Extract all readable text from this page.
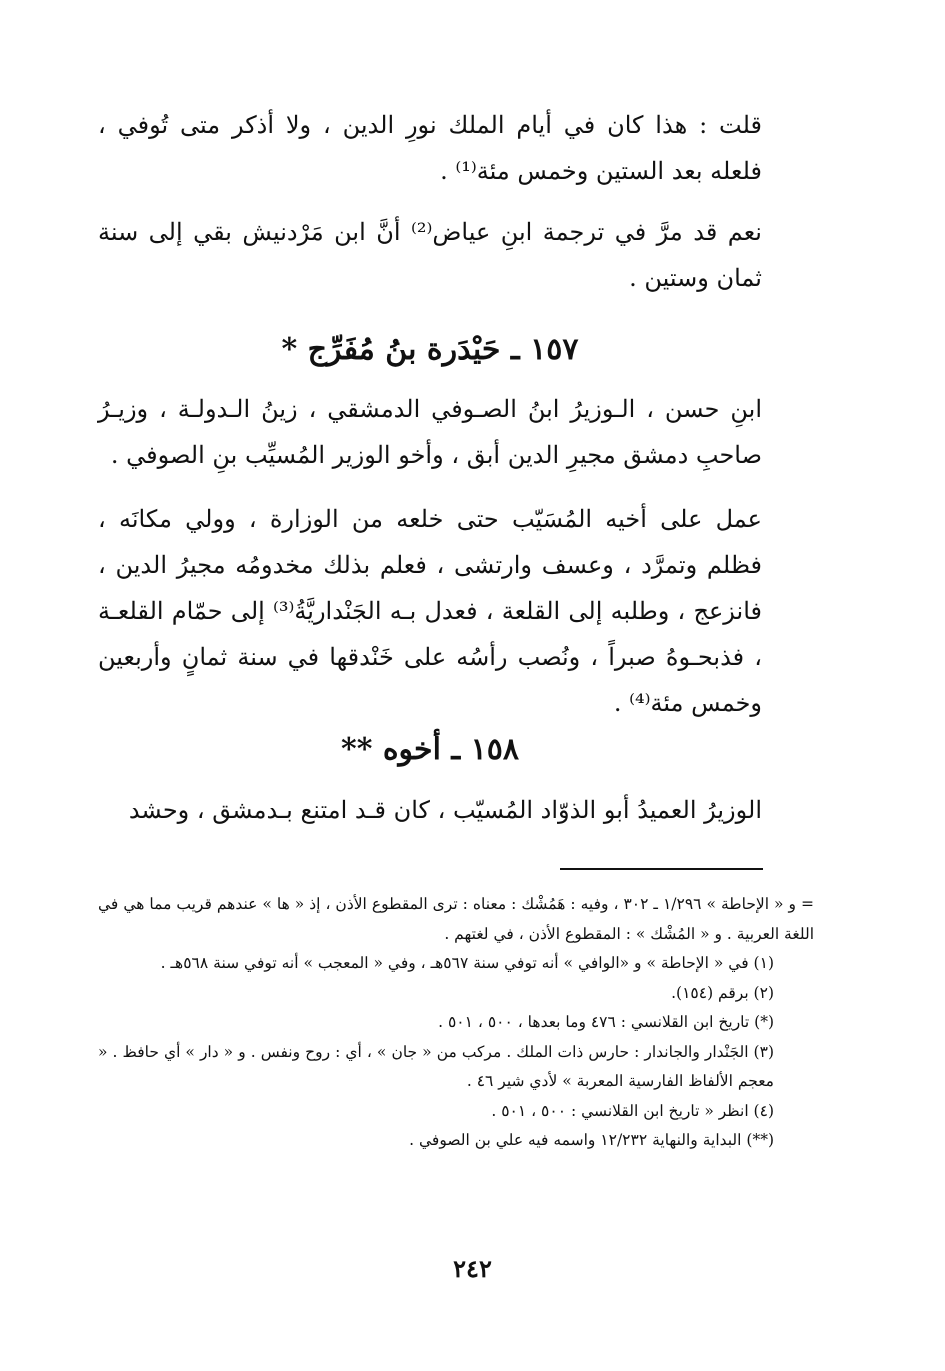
قلت : هذا كان في أيام الملك نورِ الدين ، ولا أذكر متى تُوفي ، فلعله بعد الستين وخمس مئة⁽¹⁾ .

نعم قد مرَّ في ترجمة ابنِ عياض⁽²⁾ أنَّ ابن مَرْدنيش بقي إلى سنة ثمان وستين .

١٥٧ ـ حَيْدَرة بنُ مُفَرِّج *

ابنِ حسن ، الـوزيرُ ابنُ الصـوفي الدمشقي ، زينُ الـدولـة ، وزيـرُ صاحبِ دمشق مجيرِ الدين أبق ، وأخو الوزير المُسيِّب بنِ الصوفي .

عمل على أخيه المُسَيّب حتى خلعه من الوزارة ، وولي مكانَه ، فظلم وتمرَّد ، وعسف وارتشى ، فعلم بذلك مخدومُه مجيرُ الدين ، فانزعج ، وطلبه إلى القلعة ، فعدل بـه الجَنْداريَّةُ⁽³⁾ إلى حمّام القلعـة ، فذبحـوهُ صبراً ، ونُصب رأسُه على خَنْدقها في سنة ثمانٍ وأربعين وخمس مئة⁽⁴⁾ .

١٥٨ ـ أخوه **

الوزيرُ العميدُ أبو الذوّاد المُسيّب ، كان قـد امتنع بـدمشق ، وحشد

= و « الإحاطة » ١/٢٩٦ ـ ٣٠٢ ، وفيه : هَمُشْك : معناه : ترى المقطوع الأذن ، إذ « ها » عندهم قريب مما هي في اللغة العربية . و « المُشْك » : المقطوع الأذن ، في لغتهم .
(١) في « الإحاطة » و «الوافي » أنه توفي سنة ٥٦٧هـ ، وفي « المعجب » أنه توفي سنة ٥٦٨هـ .
(٢) برقم (١٥٤).
(*) تاريخ ابن القلانسي : ٤٧٦ وما بعدها ، ٥٠٠ ، ٥٠١ .
(٣) الجَنْدار والجاندار : حارس ذات الملك . مركب من « جان » ، أي : روح ونفس . و « دار » أي حافظ . « معجم الألفاظ الفارسية المعربة » لأدي شير ٤٦ .
(٤) انظر « تاريخ ابن القلانسي : ٥٠٠ ، ٥٠١ .
(**) البداية والنهاية ١٢/٢٣٢ واسمه فيه علي بن الصوفي .
٢٤٢
